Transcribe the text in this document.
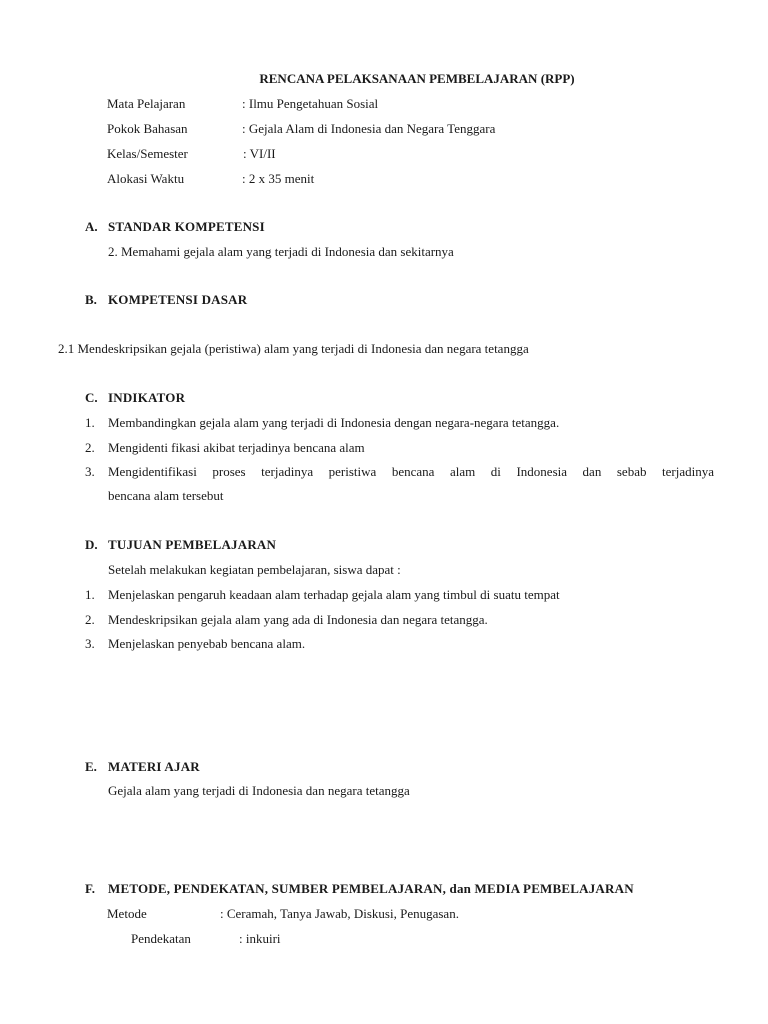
RENCANA PELAKSANAAN PEMBELAJARAN (RPP)
Mata Pelajaran	: Ilmu Pengetahuan Sosial
Pokok Bahasan	: Gejala Alam di Indonesia dan Negara Tenggara
Kelas/Semester	: VI/II
Alokasi Waktu	: 2 x 35 menit
A. STANDAR KOMPETENSI
2. Memahami gejala alam yang terjadi di Indonesia dan sekitarnya
B. KOMPETENSI DASAR
2.1 Mendeskripsikan gejala (peristiwa) alam yang terjadi di Indonesia dan negara tetangga
C. INDIKATOR
1. Membandingkan gejala alam yang terjadi di Indonesia dengan negara-negara tetangga.
2. Mengidenti fikasi akibat terjadinya bencana alam
3. Mengidentifikasi proses terjadinya peristiwa bencana alam di Indonesia dan sebab terjadinya
bencana alam tersebut
D. TUJUAN PEMBELAJARAN
Setelah melakukan kegiatan pembelajaran, siswa dapat :
1. Menjelaskan pengaruh keadaan alam terhadap gejala alam yang timbul di suatu tempat
2. Mendeskripsikan gejala alam yang ada di Indonesia dan negara tetangga.
3. Menjelaskan penyebab bencana alam.
E. MATERI AJAR
Gejala alam yang terjadi di Indonesia dan negara tetangga
F. METODE, PENDEKATAN, SUMBER PEMBELAJARAN, dan MEDIA PEMBELAJARAN
Metode	: Ceramah, Tanya Jawab, Diskusi, Penugasan.
Pendekatan	: inkuiri
